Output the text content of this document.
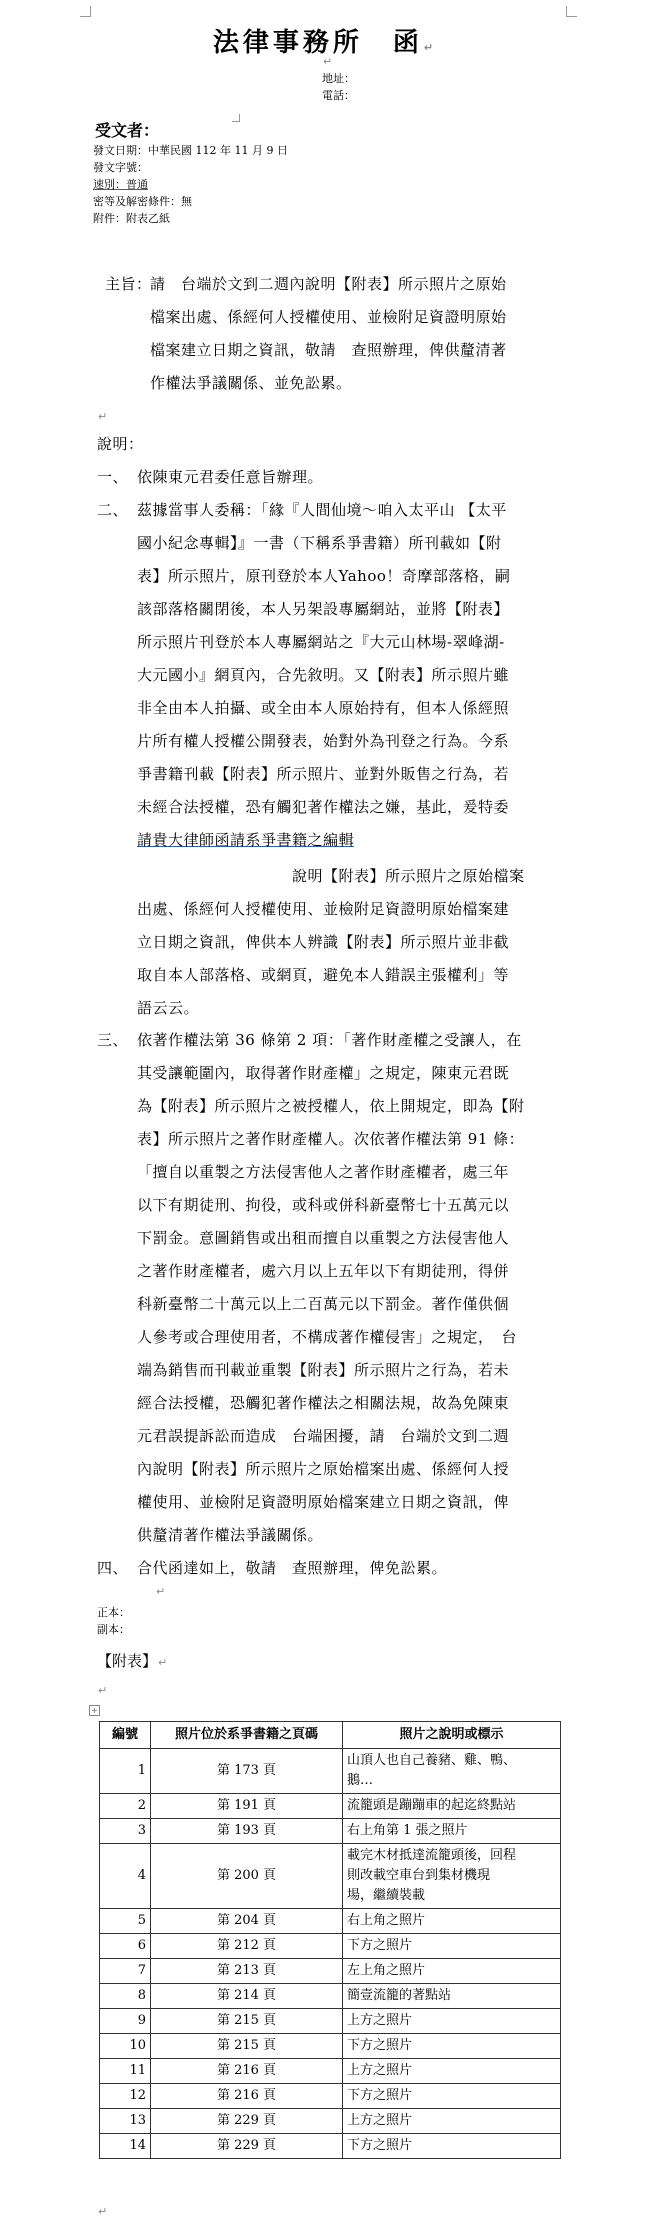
法律事務所　函↵
↵
地址：
電話：
受文者：
發文日期：中華民國 112 年 11 月 9 日
發文字號：
速別：普通
密等及解密條件：無
附件：附表乙紙
主旨：
請　台端於文到二週內說明【附表】所示照片之原始
檔案出處、係經何人授權使用、並檢附足資證明原始
檔案建立日期之資訊，敬請　查照辦理，俾供釐清著
作權法爭議關係、並免訟累。
↵
說明：
一、 依陳東元君委任意旨辦理。
二、 茲據當事人委稱：「緣『人間仙境～咱入太平山 【太平
國小紀念專輯】』一書（下稱系爭書籍）所刊載如【附
表】所示照片，原刊登於本人Yahoo！奇摩部落格，嗣
該部落格關閉後，本人另架設專屬網站，並將【附表】
所示照片刊登於本人專屬網站之『大元山林場-翠峰湖-
大元國小』網頁內，合先敘明。又【附表】所示照片雖
非全由本人拍攝、或全由本人原始持有，但本人係經照
片所有權人授權公開發表，始對外為刊登之行為。今系
爭書籍刊載【附表】所示照片、並對外販售之行為，若
未經合法授權，恐有觸犯著作權法之嫌，基此，爰特委
請貴大律師函請系爭書籍之編輯
說明【附表】所示照片之原始檔案
出處、係經何人授權使用、並檢附足資證明原始檔案建
立日期之資訊，俾供本人辨識【附表】所示照片並非截
取自本人部落格、或網頁，避免本人錯誤主張權利」等
語云云。
三、 依著作權法第 36 條第 2 項：「著作財產權之受讓人，在
其受讓範圍內，取得著作財產權」之規定，陳東元君既
為【附表】所示照片之被授權人，依上開規定，即為【附
表】所示照片之著作財產權人。次依著作權法第 91 條：
「擅自以重製之方法侵害他人之著作財產權者，處三年
以下有期徒刑、拘役，或科或併科新臺幣七十五萬元以
下罰金。意圖銷售或出租而擅自以重製之方法侵害他人
之著作財產權者，處六月以上五年以下有期徒刑，得併
科新臺幣二十萬元以上二百萬元以下罰金。著作僅供個
人參考或合理使用者，不構成著作權侵害」之規定，　台
端為銷售而刊載並重製【附表】所示照片之行為，若未
經合法授權，恐觸犯著作權法之相關法規，故為免陳東
元君誤提訴訟而造成　台端困擾，請　台端於文到二週
內說明【附表】所示照片之原始檔案出處、係經何人授
權使用、並檢附足資證明原始檔案建立日期之資訊，俾
供釐清著作權法爭議關係。
四、 合代函達如上，敬請　查照辦理，俾免訟累。
↵
正本：
副本：
【附表】↵
↵
+
編號	照片位於系爭書籍之頁碼	照片之說明或標示
1	第 173 頁	山頂人也自己養豬、雞、鴨、
鵝…

2	第 191 頁	流籠頭是蹦蹦車的起迄終點站

3	第 193 頁	右上角第 1 張之照片

4	第 200 頁	載完木材抵達流籠頭後，回程
則改載空車台到集材機現
場，繼續裝載

5	第 204 頁	右上角之照片

6	第 212 頁	下方之照片

7	第 213 頁	左上角之照片

8	第 214 頁	簡壹流籠的著點站

9	第 215 頁	上方之照片

10	第 215 頁	下方之照片

11	第 216 頁	上方之照片

12	第 216 頁	下方之照片

13	第 229 頁	上方之照片

14	第 229 頁	下方之照片
↵
